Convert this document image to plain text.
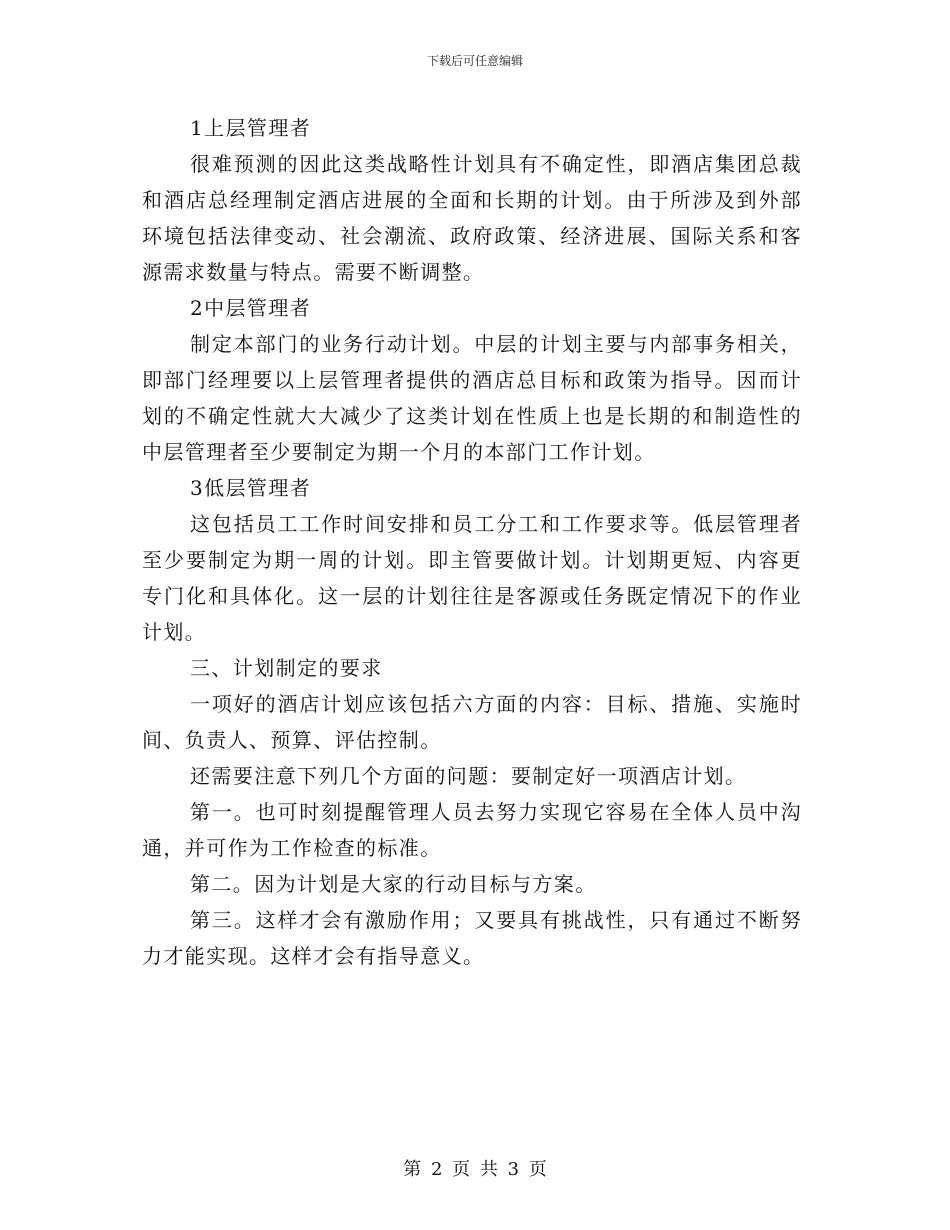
下载后可任意编辑

1上层管理者

很难预测的因此这类战略性计划具有不确定性，即酒店集团总裁和酒店总经理制定酒店进展的全面和长期的计划。由于所涉及到外部环境包括法律变动、社会潮流、政府政策、经济进展、国际关系和客源需求数量与特点。需要不断调整。

2中层管理者

制定本部门的业务行动计划。中层的计划主要与内部事务相关，即部门经理要以上层管理者提供的酒店总目标和政策为指导。因而计划的不确定性就大大减少了这类计划在性质上也是长期的和制造性的中层管理者至少要制定为期一个月的本部门工作计划。

3低层管理者

这包括员工工作时间安排和员工分工和工作要求等。低层管理者至少要制定为期一周的计划。即主管要做计划。计划期更短、内容更专门化和具体化。这一层的计划往往是客源或任务既定情况下的作业计划。

三、计划制定的要求

一项好的酒店计划应该包括六方面的内容：目标、措施、实施时间、负责人、预算、评估控制。

还需要注意下列几个方面的问题：要制定好一项酒店计划。

第一。也可时刻提醒管理人员去努力实现它容易在全体人员中沟通，并可作为工作检查的标准。

第二。因为计划是大家的行动目标与方案。

第三。这样才会有激励作用；又要具有挑战性，只有通过不断努力才能实现。这样才会有指导意义。

第 2 页 共 3 页
